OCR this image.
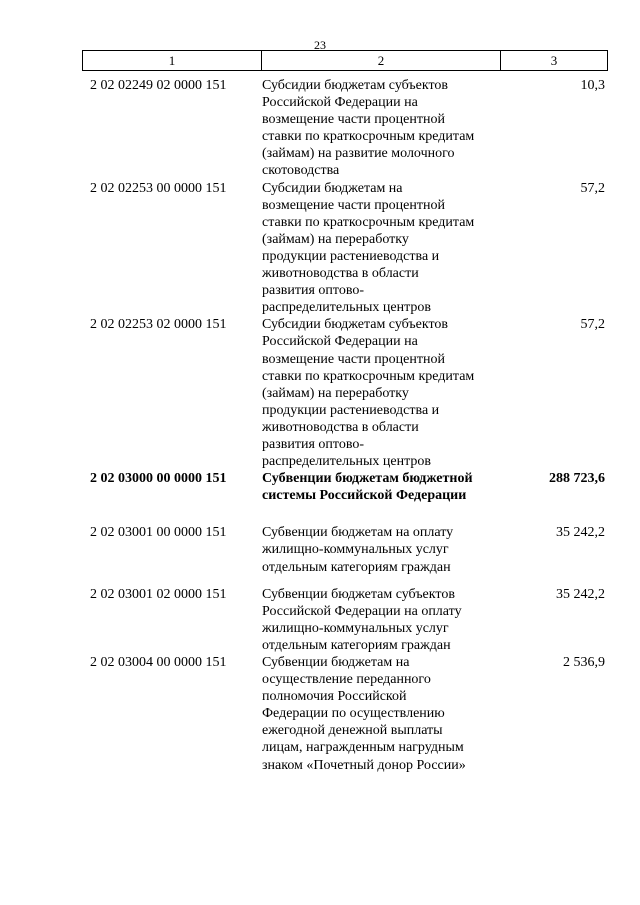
23
1	2	3
2 02 02249 02 0000 151	Субсидии бюджетам субъектов
Российской Федерации на
возмещение части процентной
ставки по краткосрочным кредитам
(займам) на развитие молочного
скотоводства
10,3
2 02 02253 00 0000 151	Субсидии бюджетам на
возмещение части процентной
ставки по краткосрочным кредитам
(займам) на переработку
продукции растениеводства и
животноводства в области
развития оптово-
распределительных центров
57,2
2 02 02253 02 0000 151	Субсидии бюджетам субъектов
Российской Федерации на
возмещение части процентной
ставки по краткосрочным кредитам
(займам) на переработку
продукции растениеводства и
животноводства в области
развития оптово-
распределительных центров
57,2
2 02 03000 00 0000 151	Субвенции бюджетам бюджетной
системы Российской Федерации
288 723,6
2 02 03001 00 0000 151	Субвенции бюджетам на оплату
жилищно-коммунальных услуг
отдельным категориям граждан
35 242,2
2 02 03001 02 0000 151	Субвенции бюджетам субъектов
Российской Федерации на оплату
жилищно-коммунальных услуг
отдельным категориям граждан
35 242,2
2 02 03004 00 0000 151	Субвенции бюджетам на
осуществление переданного
полномочия Российской
Федерации по осуществлению
ежегодной денежной выплаты
лицам, награжденным нагрудным
знаком «Почетный донор России»
2 536,9
